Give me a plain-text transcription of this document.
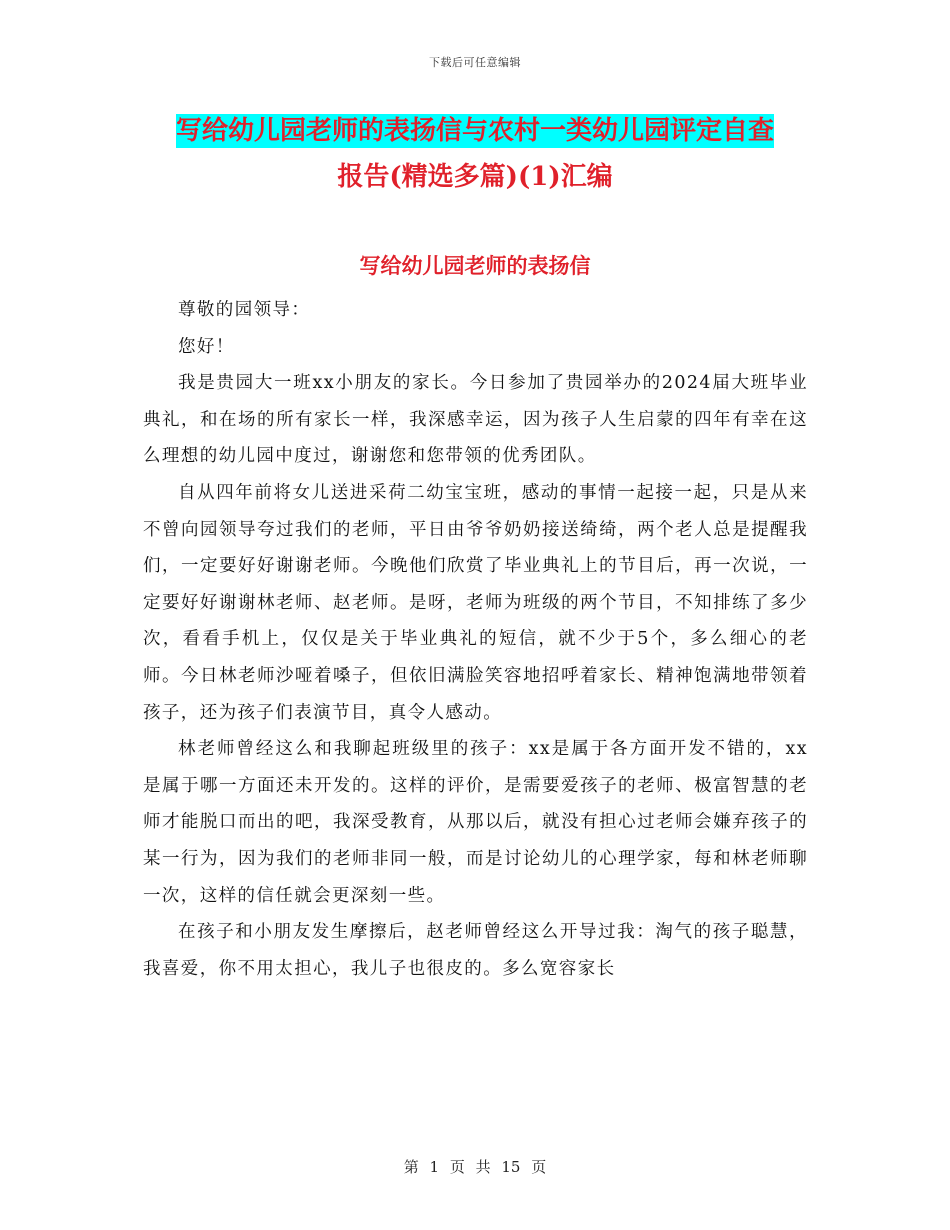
下载后可任意编辑
写给幼儿园老师的表扬信与农村一类幼儿园评定自查
报告(精选多篇)(1)汇编
写给幼儿园老师的表扬信

尊敬的园领导：

您好！

我是贵园大一班xx小朋友的家长。今日参加了贵园举办的2024届大班毕业典礼，和在场的所有家长一样，我深感幸运，因为孩子人生启蒙的四年有幸在这么理想的幼儿园中度过，谢谢您和您带领的优秀团队。

自从四年前将女儿送进采荷二幼宝宝班，感动的事情一起接一起，只是从来不曾向园领导夸过我们的老师，平日由爷爷奶奶接送绮绮，两个老人总是提醒我们，一定要好好谢谢老师。今晚他们欣赏了毕业典礼上的节目后，再一次说，一定要好好谢谢林老师、赵老师。是呀，老师为班级的两个节目，不知排练了多少次，看看手机上，仅仅是关于毕业典礼的短信，就不少于5个，多么细心的老师。今日林老师沙哑着嗓子，但依旧满脸笑容地招呼着家长、精神饱满地带领着孩子，还为孩子们表演节目，真令人感动。

林老师曾经这么和我聊起班级里的孩子：xx是属于各方面开发不错的，xx是属于哪一方面还未开发的。这样的评价，是需要爱孩子的老师、极富智慧的老师才能脱口而出的吧，我深受教育，从那以后，就没有担心过老师会嫌弃孩子的某一行为，因为我们的老师非同一般，而是讨论幼儿的心理学家，每和林老师聊一次，这样的信任就会更深刻一些。

在孩子和小朋友发生摩擦后，赵老师曾经这么开导过我：淘气的孩子聪慧，我喜爱，你不用太担心，我儿子也很皮的。多么宽容家长

第 1 页 共 15 页
